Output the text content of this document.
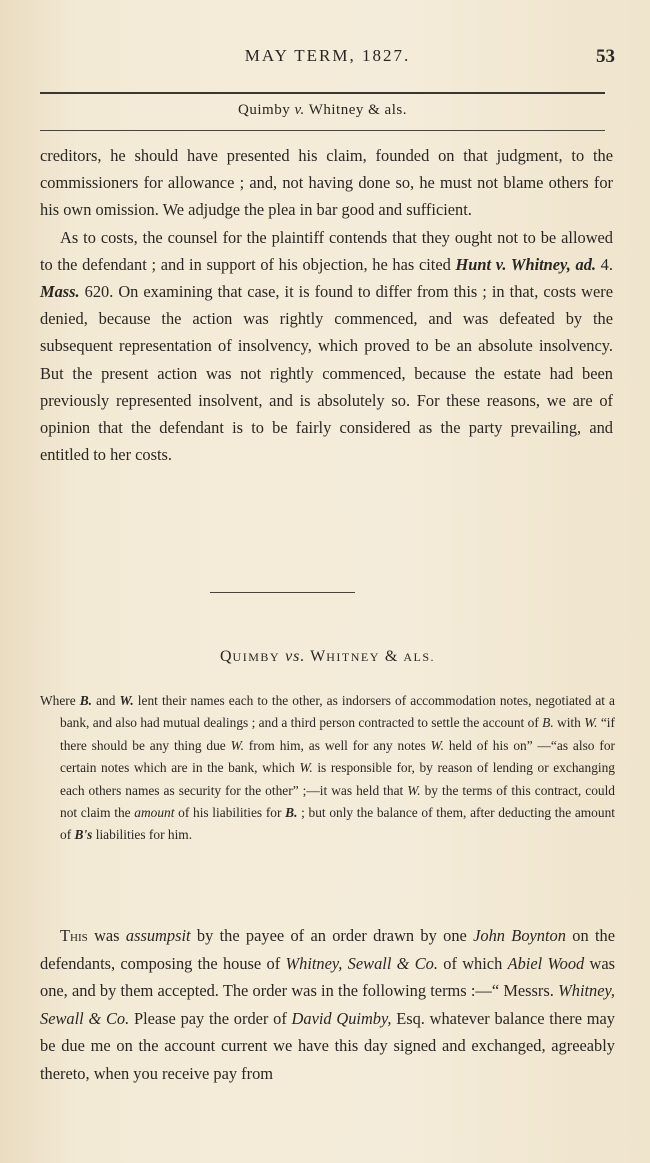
MAY TERM, 1827.	53
Quimby v. Whitney & als.

creditors, he should have presented his claim, founded on that judgment, to the commissioners for allowance ; and, not having done so, he must not blame others for his own omission. We adjudge the plea in bar good and sufficient.

As to costs, the counsel for the plaintiff contends that they ought not to be allowed to the defendant ; and in support of his objection, he has cited Hunt v. Whitney, ad. 4. Mass. 620. On examining that case, it is found to differ from this ; in that, costs were denied, because the action was rightly commenced, and was defeated by the subsequent representation of insolvency, which proved to be an absolute insolvency. But the present action was not rightly commenced, because the estate had been previously represented insolvent, and is absolutely so. For these reasons, we are of opinion that the defendant is to be fairly considered as the party prevailing, and entitled to her costs.

QUIMBY vs. WHITNEY & ALS.

Where B. and W. lent their names each to the other, as indorsers of accommodation notes, negotiated at a bank, and also had mutual dealings ; and a third person contracted to settle the account of B. with W. “if there should be any thing due W. from him, as well for any notes W. held of his on” —“as also for certain notes which are in the bank, which W. is responsible for, by reason of lending or exchanging each others names as security for the other” ;—it was held that W. by the terms of this contract, could not claim the amount of his liabilities for B. ; but only the balance of them, after deducting the amount of B's liabilities for him.

This was assumpsit by the payee of an order drawn by one John Boynton on the defendants, composing the house of Whitney, Sewall & Co. of which Abiel Wood was one, and by them accepted. The order was in the following terms :—“ Messrs. Whitney, Sewall & Co. Please pay the order of David Quimby, Esq. whatever balance there may be due me on the account current we have this day signed and exchanged, agreeably thereto, when you receive pay from
